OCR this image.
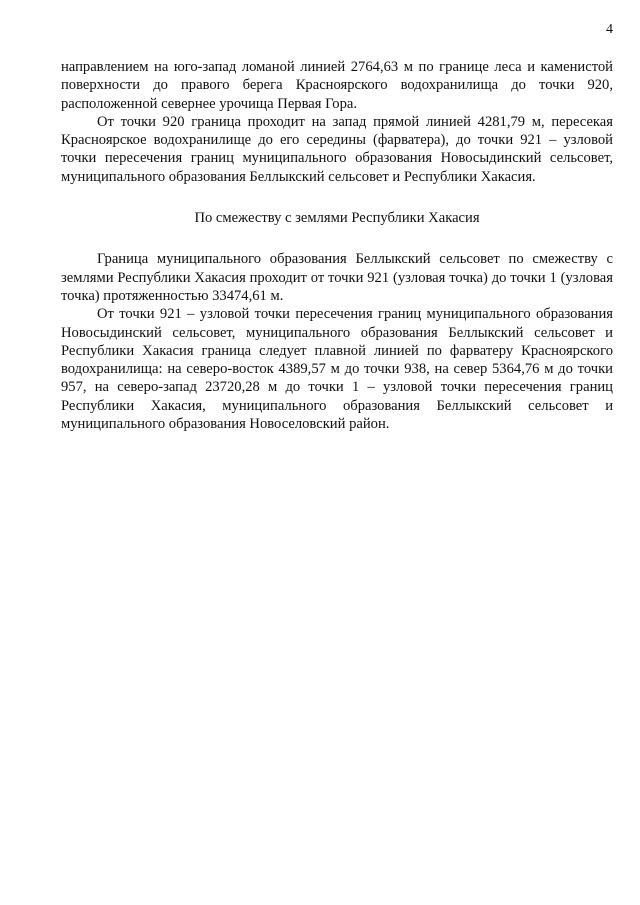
4

направлением на юго-запад ломаной линией 2764,63 м по границе леса и каменистой поверхности до правого берега Красноярского водохранилища до точки 920, расположенной севернее урочища Первая Гора.

От точки 920 граница проходит на запад прямой линией 4281,79 м, пересекая Красноярское водохранилище до его середины (фарватера), до точки 921 – узловой точки пересечения границ муниципального образования Новосыдинский сельсовет, муниципального образования Беллыкский сельсовет и Республики Хакасия.

По смежеству с землями Республики Хакасия

Граница муниципального образования Беллыкский сельсовет по смежеству с землями Республики Хакасия проходит от точки 921 (узловая точка) до точки 1 (узловая точка) протяженностью 33474,61 м.

От точки 921 – узловой точки пересечения границ муниципального образования Новосыдинский сельсовет, муниципального образования Беллыкский сельсовет и Республики Хакасия граница следует плавной линией по фарватеру Красноярского водохранилища: на северо-восток 4389,57 м до точки 938, на север 5364,76 м до точки 957, на северо-запад 23720,28 м до точки 1 – узловой точки пересечения границ Республики Хакасия, муниципального образования Беллыкский сельсовет и муниципального образования Новоселовский район.
